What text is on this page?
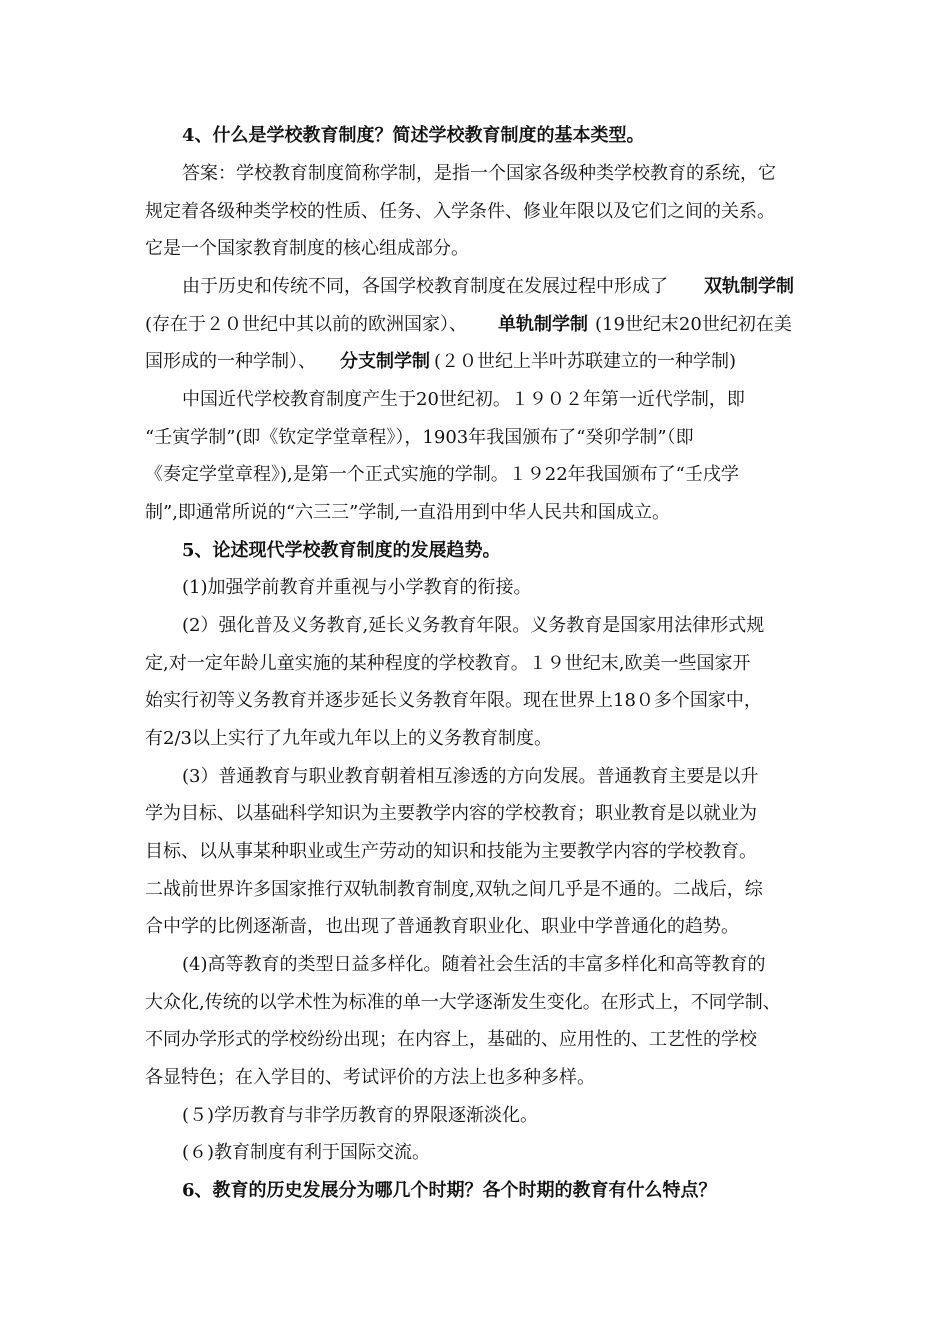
4、什么是学校教育制度？简述学校教育制度的基本类型。
答案：学校教育制度简称学制，是指一个国家各级种类学校教育的系统，它
规定着各级种类学校的性质、任务、入学条件、修业年限以及它们之间的关系。
它是一个国家教育制度的核心组成部分。
由于历史和传统不同，各国学校教育制度在发展过程中形成了 双轨制学制
(存在于２０世纪中其以前的欧洲国家）、 单轨制学制 (19世纪末20世纪初在美
国形成的一种学制）、 分支制学制 (２０世纪上半叶苏联建立的一种学制)
中国近代学校教育制度产生于20世纪初。１９０２年第一近代学制，即
“壬寅学制”(即《钦定学堂章程》），1903年我国颁布了“癸卯学制”（即
《奏定学堂章程》),是第一个正式实施的学制。１９22年我国颁布了“壬戌学
制”,即通常所说的“六三三”学制,一直沿用到中华人民共和国成立。
5、论述现代学校教育制度的发展趋势。
(1)加强学前教育并重视与小学教育的衔接。
(2）强化普及义务教育,延长义务教育年限。义务教育是国家用法律形式规
定,对一定年龄儿童实施的某种程度的学校教育。１９世纪末,欧美一些国家开
始实行初等义务教育并逐步延长义务教育年限。现在世界上18０多个国家中，
有2/3以上实行了九年或九年以上的义务教育制度。
(3）普通教育与职业教育朝着相互渗透的方向发展。普通教育主要是以升
学为目标、以基础科学知识为主要教学内容的学校教育；职业教育是以就业为
目标、以从事某种职业或生产劳动的知识和技能为主要教学内容的学校教育。
二战前世界许多国家推行双轨制教育制度,双轨之间几乎是不通的。二战后，综
合中学的比例逐渐啬，也出现了普通教育职业化、职业中学普通化的趋势。
(4)高等教育的类型日益多样化。随着社会生活的丰富多样化和高等教育的
大众化,传统的以学术性为标准的单一大学逐渐发生变化。在形式上，不同学制、
不同办学形式的学校纷纷出现；在内容上，基础的、应用性的、工艺性的学校
各显特色；在入学目的、考试评价的方法上也多种多样。
(５)学历教育与非学历教育的界限逐渐淡化。
(６)教育制度有利于国际交流。
6、教育的历史发展分为哪几个时期？各个时期的教育有什么特点？
